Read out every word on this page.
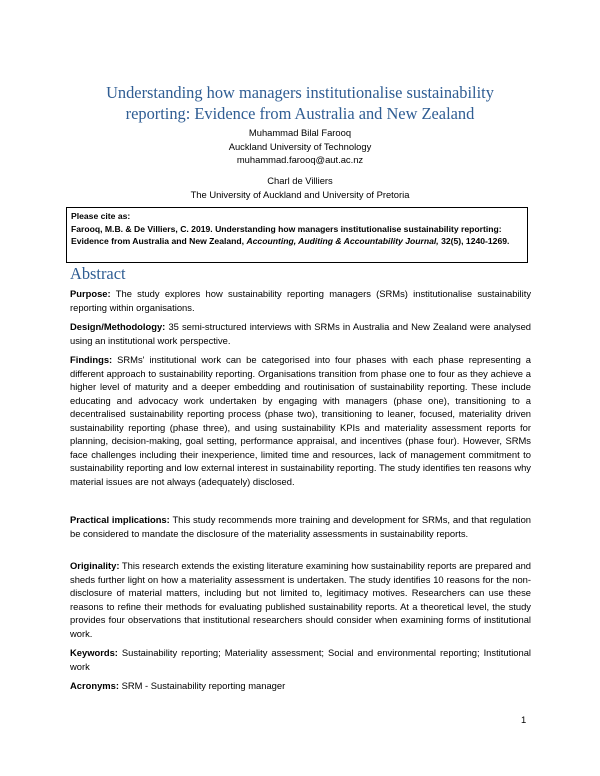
Understanding how managers institutionalise sustainability
reporting: Evidence from Australia and New Zealand
Muhammad Bilal Farooq
Auckland University of Technology
muhammad.farooq@aut.ac.nz
Charl de Villiers
The University of Auckland and University of Pretoria
Please cite as:
Farooq, M.B. & De Villiers, C. 2019. Understanding how managers institutionalise sustainability reporting: Evidence from Australia and New Zealand, Accounting, Auditing & Accountability Journal, 32(5), 1240-1269.
Abstract
Purpose: The study explores how sustainability reporting managers (SRMs) institutionalise sustainability reporting within organisations.
Design/Methodology: 35 semi-structured interviews with SRMs in Australia and New Zealand were analysed using an institutional work perspective.
Findings: SRMs' institutional work can be categorised into four phases with each phase representing a different approach to sustainability reporting. Organisations transition from phase one to four as they achieve a higher level of maturity and a deeper embedding and routinisation of sustainability reporting. These include educating and advocacy work undertaken by engaging with managers (phase one), transitioning to a decentralised sustainability reporting process (phase two), transitioning to leaner, focused, materiality driven sustainability reporting (phase three), and using sustainability KPIs and materiality assessment reports for planning, decision-making, goal setting, performance appraisal, and incentives (phase four). However, SRMs face challenges including their inexperience, limited time and resources, lack of management commitment to sustainability reporting and low external interest in sustainability reporting. The study identifies ten reasons why material issues are not always (adequately) disclosed.
Practical implications: This study recommends more training and development for SRMs, and that regulation be considered to mandate the disclosure of the materiality assessments in sustainability reports.
Originality: This research extends the existing literature examining how sustainability reports are prepared and sheds further light on how a materiality assessment is undertaken. The study identifies 10 reasons for the non-disclosure of material matters, including but not limited to, legitimacy motives. Researchers can use these reasons to refine their methods for evaluating published sustainability reports. At a theoretical level, the study provides four observations that institutional researchers should consider when examining forms of institutional work.
Keywords: Sustainability reporting; Materiality assessment; Social and environmental reporting; Institutional work
Acronyms: SRM - Sustainability reporting manager
1
